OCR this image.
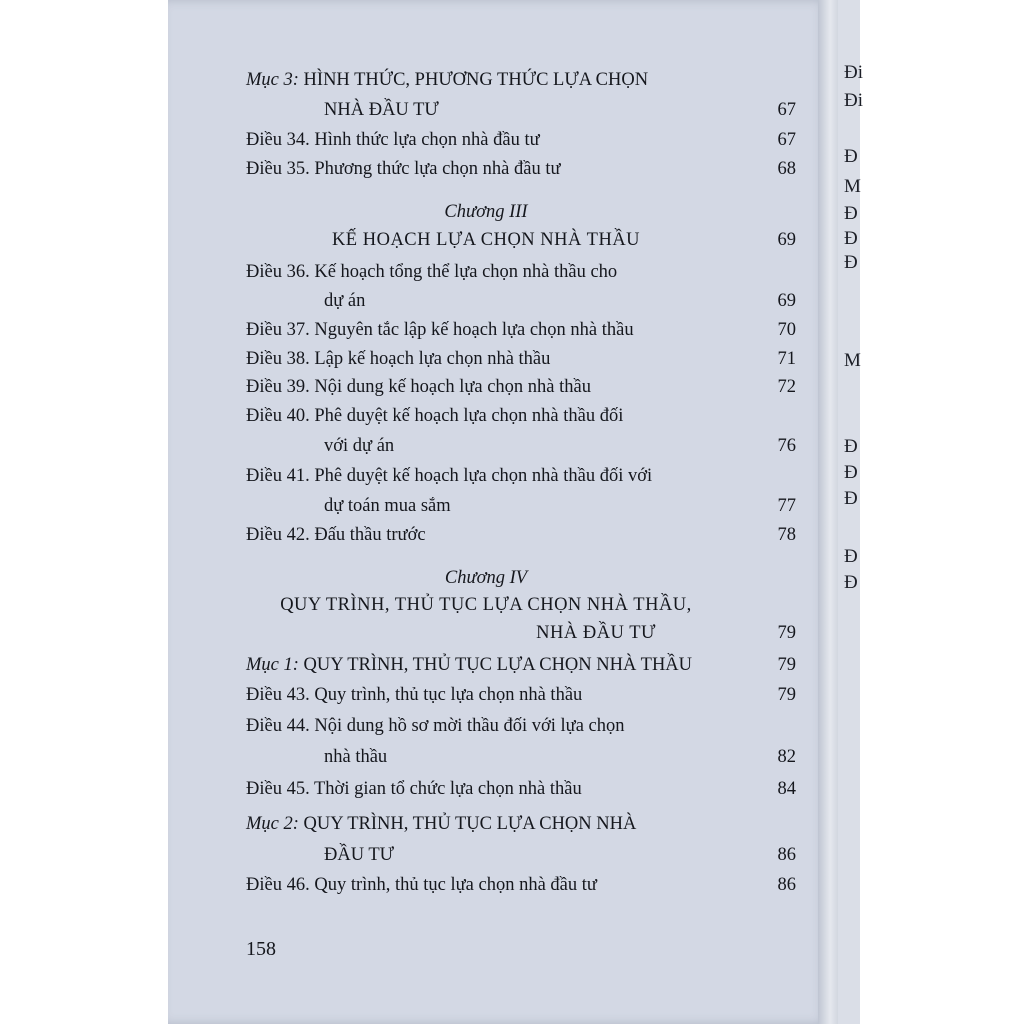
Đi
Đi
Đ
M
Đ
Đ
Đ
M
Đ
Đ
Đ
Đ
Đ
Mục 3: HÌNH THỨC, PHƯƠNG THỨC LỰA CHỌN
NHÀ ĐẦU TƯ	67
Điều 34. Hình thức lựa chọn nhà đầu tư	67
Điều 35. Phương thức lựa chọn nhà đầu tư	68
Chương III
KẾ HOẠCH LỰA CHỌN NHÀ THẦU	69
Điều 36. Kế hoạch tổng thể lựa chọn nhà thầu cho
dự án	69
Điều 37. Nguyên tắc lập kế hoạch lựa chọn nhà thầu	70
Điều 38. Lập kế hoạch lựa chọn nhà thầu	71
Điều 39. Nội dung kế hoạch lựa chọn nhà thầu	72
Điều 40. Phê duyệt kế hoạch lựa chọn nhà thầu đối
với dự án	76
Điều 41. Phê duyệt kế hoạch lựa chọn nhà thầu đối với
dự toán mua sắm	77
Điều 42. Đấu thầu trước	78
Chương IV
QUY TRÌNH, THỦ TỤC LỰA CHỌN NHÀ THẦU,
NHÀ ĐẦU TƯ	79
Mục 1: QUY TRÌNH, THỦ TỤC LỰA CHỌN NHÀ THẦU	79
Điều 43. Quy trình, thủ tục lựa chọn nhà thầu	79
Điều 44. Nội dung hồ sơ mời thầu đối với lựa chọn
nhà thầu	82
Điều 45. Thời gian tổ chức lựa chọn nhà thầu	84
Mục 2: QUY TRÌNH, THỦ TỤC LỰA CHỌN NHÀ
ĐẦU TƯ	86
Điều 46. Quy trình, thủ tục lựa chọn nhà đầu tư	86
158
